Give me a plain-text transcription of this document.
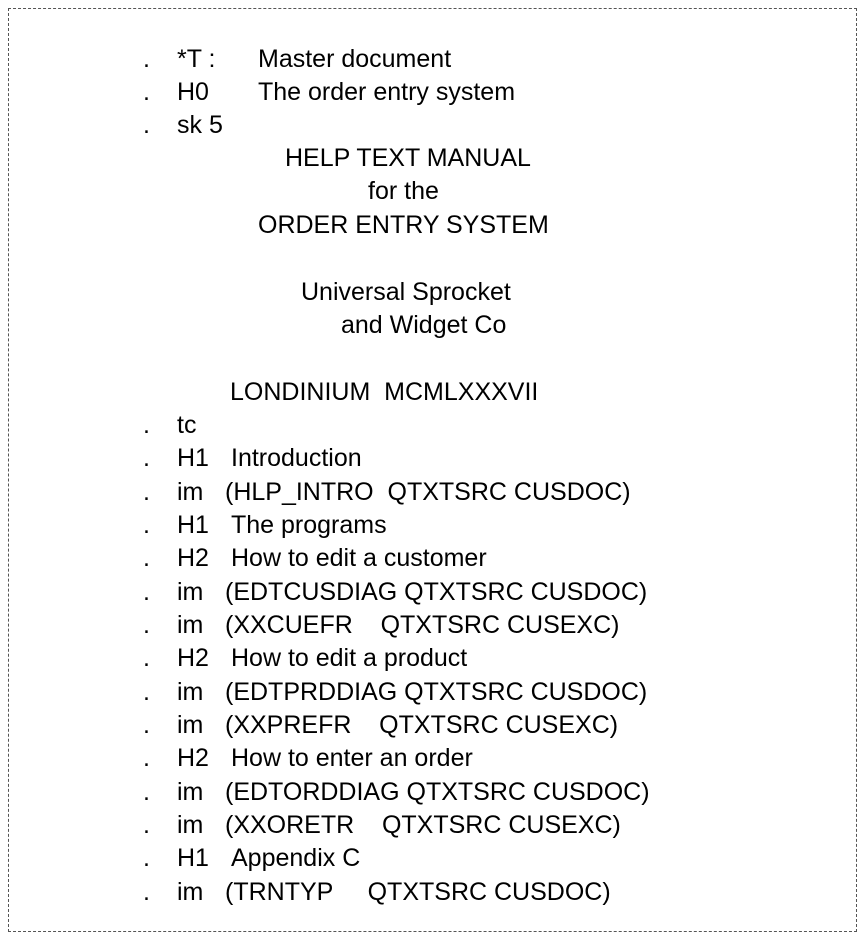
. *T : Master document
. H0 The order entry system
. sk 5
HELP TEXT MANUAL
for the
ORDER ENTRY SYSTEM
Universal Sprocket
and Widget Co
LONDINIUM  MCMLXXXVII
. tc
. H1 Introduction
. im (HLP_INTRO  QTXTSRC CUSDOC)
. H1 The programs
. H2 How to edit a customer
. im (EDTCUSDIAG QTXTSRC CUSDOC)
. im (XXCUEFR    QTXTSRC CUSEXC)
. H2 How to edit a product
. im (EDTPRDDIAG QTXTSRC CUSDOC)
. im (XXPREFR    QTXTSRC CUSEXC)
. H2 How to enter an order
. im (EDTORDDIAG QTXTSRC CUSDOC)
. im (XXORETR    QTXTSRC CUSEXC)
. H1 Appendix C
. im (TRNTYP     QTXTSRC CUSDOC)
